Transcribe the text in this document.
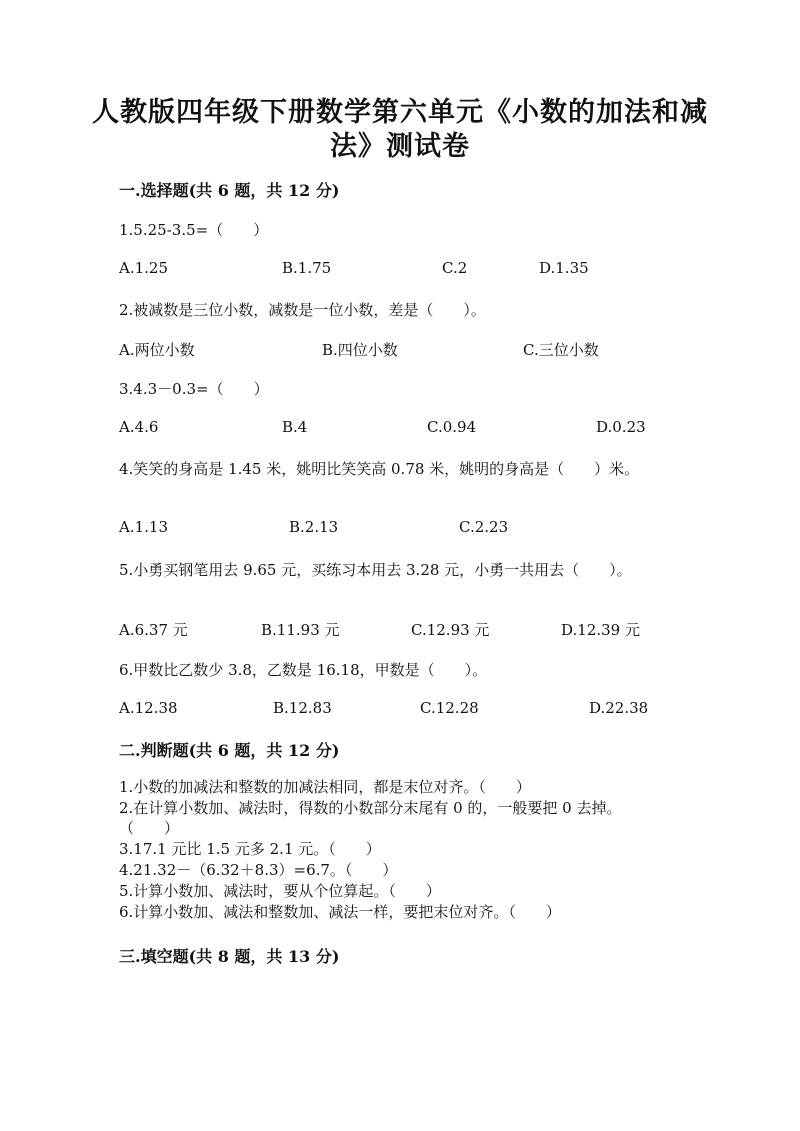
人教版四年级下册数学第六单元《小数的加法和减
法》测试卷
一.选择题(共 6 题，共 12 分)
1.5.25-3.5=（　　）
A.1.25	B.1.75	C.2	D.1.35
2.被减数是三位小数，减数是一位小数，差是（　　）。
A.两位小数	B.四位小数	C.三位小数
3.4.3－0.3=（　　）
A.4.6	B.4	C.0.94	D.0.23
4.笑笑的身高是 1.45 米，姚明比笑笑高 0.78 米，姚明的身高是（　　）米。
A.1.13	B.2.13	C.2.23
5.小勇买钢笔用去 9.65 元，买练习本用去 3.28 元，小勇一共用去（　　）。
A.6.37 元	B.11.93 元	C.12.93 元	D.12.39 元
6.甲数比乙数少 3.8，乙数是 16.18，甲数是（　　）。
A.12.38	B.12.83	C.12.28	D.22.38
二.判断题(共 6 题，共 12 分)
1.小数的加减法和整数的加减法相同，都是末位对齐。（　　）
2.在计算小数加、减法时，得数的小数部分末尾有 0 的，一般要把 0 去掉。
（　　）
3.17.1 元比 1.5 元多 2.1 元。（　　）
4.21.32－（6.32＋8.3）=6.7。（　　）
5.计算小数加、减法时，要从个位算起。（　　）
6.计算小数加、减法和整数加、减法一样，要把末位对齐。（　　）
三.填空题(共 8 题，共 13 分)
